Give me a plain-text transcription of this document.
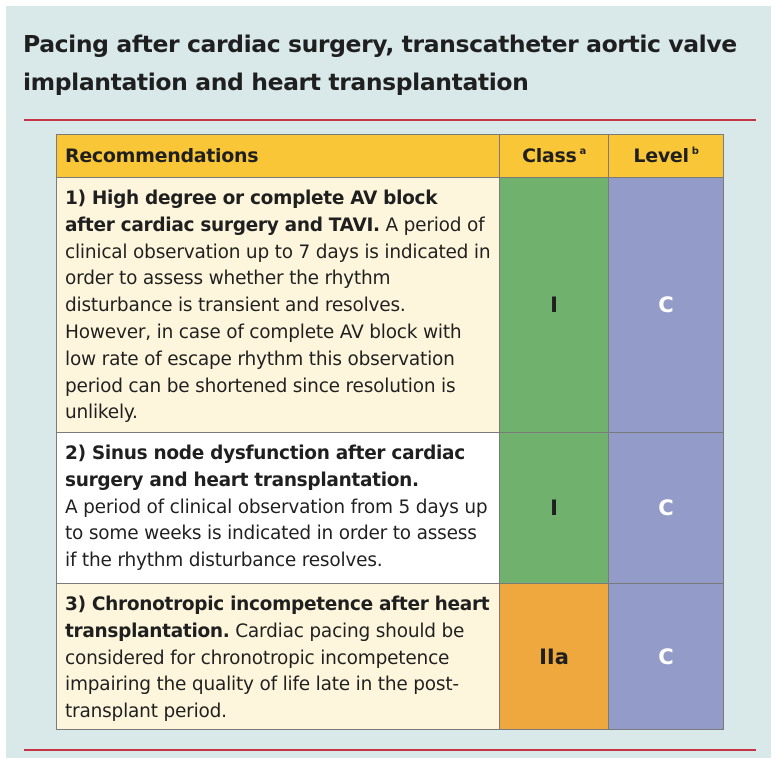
Pacing after cardiac surgery, transcatheter aortic valve implantation and heart transplantation
Recommendations	Class $^a$	Level $^b$
1) High degree or complete AV block after cardiac surgery and TAVI. A period of clinical observation up to 7 days is indicated in order to assess whether the rhythm disturbance is transient and resolves. However, in case of complete AV block with low rate of escape rhythm this observation period can be shortened since resolution is unlikely.	I	C
2) Sinus node dysfunction after cardiac surgery and heart transplantation.
A period of clinical observation from 5 days up to some weeks is indicated in order to assess if the rhythm disturbance resolves.	I	C
3) Chronotropic incompetence after heart transplantation. Cardiac pacing should be considered for chronotropic incompetence impairing the quality of life late in the post-transplant period.	IIa	C
